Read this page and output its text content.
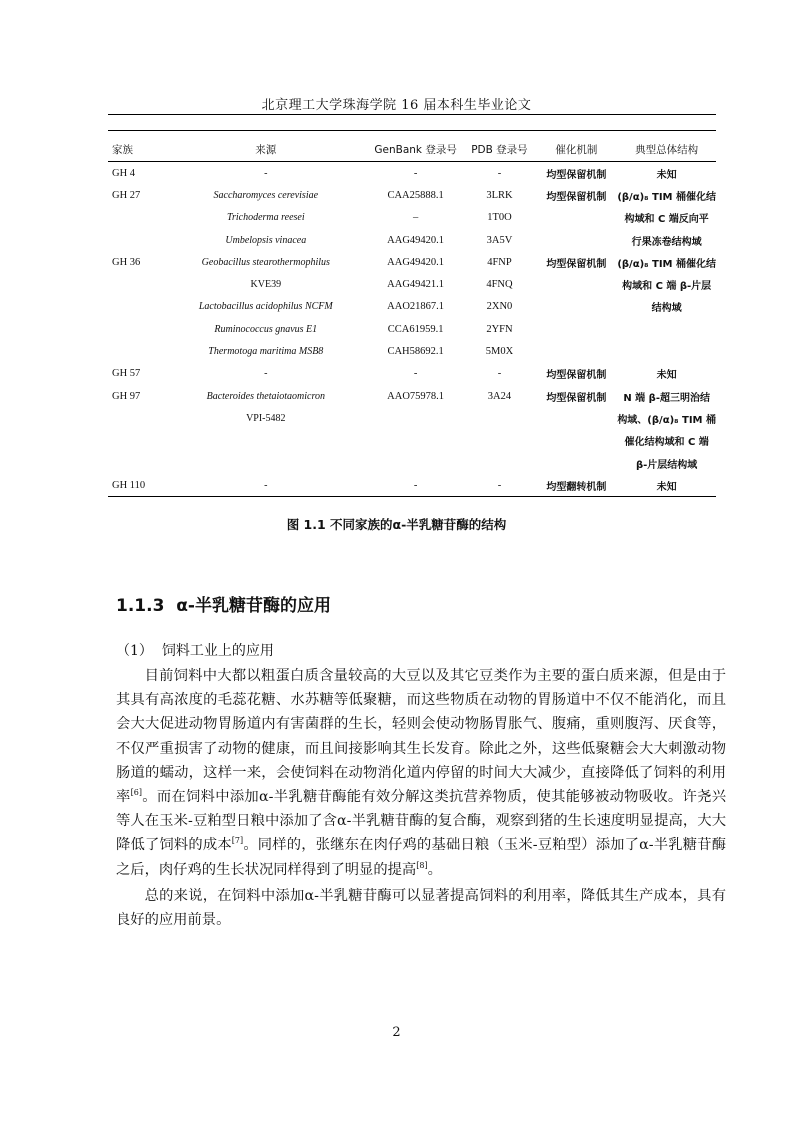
北京理工大学珠海学院 16 届本科生毕业论文
家族	来源	GenBank 登录号	PDB 登录号	催化机制	典型总体结构
GH 4	-	-	-	均型保留机制	未知
GH 27	Saccharomyces cerevisiae	CAA25888.1	3LRK	均型保留机制	(β/α)₈ TIM 桶催化结
	Trichoderma reesei	–	1T0O		构域和 C 端反向平
	Umbelopsis vinacea	AAG49420.1	3A5V		行果冻卷结构域
GH 36	Geobacillus stearothermophilus	AAG49420.1	4FNP	均型保留机制	(β/α)₈ TIM 桶催化结
	KVE39	AAG49421.1	4FNQ		构域和 C 端 β-片层
	Lactobacillus acidophilus NCFM	AAO21867.1	2XN0		结构域
	Ruminococcus gnavus E1	CCA61959.1	2YFN		
	Thermotoga maritima MSB8	CAH58692.1	5M0X		
GH 57	-	-	-	均型保留机制	未知
GH 97	Bacteroides thetaiotaomicron	AAO75978.1	3A24	均型保留机制	N 端 β-超三明治结
	VPI-5482				构域、(β/α)₈ TIM 桶
					催化结构域和 C 端
					β-片层结构域
GH 110	-	-	-	均型翻转机制	未知
图 1.1 不同家族的α-半乳糖苷酶的结构
1.1.3 α-半乳糖苷酶的应用
（1） 饲料工业上的应用

目前饲料中大都以粗蛋白质含量较高的大豆以及其它豆类作为主要的蛋白质来源，但是由于其具有高浓度的毛蕊花糖、水苏糖等低聚糖，而这些物质在动物的胃肠道中不仅不能消化，而且会大大促进动物胃肠道内有害菌群的生长，轻则会使动物肠胃胀气、腹痛，重则腹泻、厌食等，不仅严重损害了动物的健康，而且间接影响其生长发育。除此之外，这些低聚糖会大大刺激动物肠道的蠕动，这样一来，会使饲料在动物消化道内停留的时间大大减少，直接降低了饲料的利用率[6]。而在饲料中添加α-半乳糖苷酶能有效分解这类抗营养物质，使其能够被动物吸收。许尧兴等人在玉米-豆粕型日粮中添加了含α-半乳糖苷酶的复合酶，观察到猪的生长速度明显提高，大大降低了饲料的成本[7]。同样的，张继东在肉仔鸡的基础日粮（玉米-豆粕型）添加了α-半乳糖苷酶之后，肉仔鸡的生长状况同样得到了明显的提高[8]。

总的来说，在饲料中添加α-半乳糖苷酶可以显著提高饲料的利用率，降低其生产成本，具有良好的应用前景。

2
